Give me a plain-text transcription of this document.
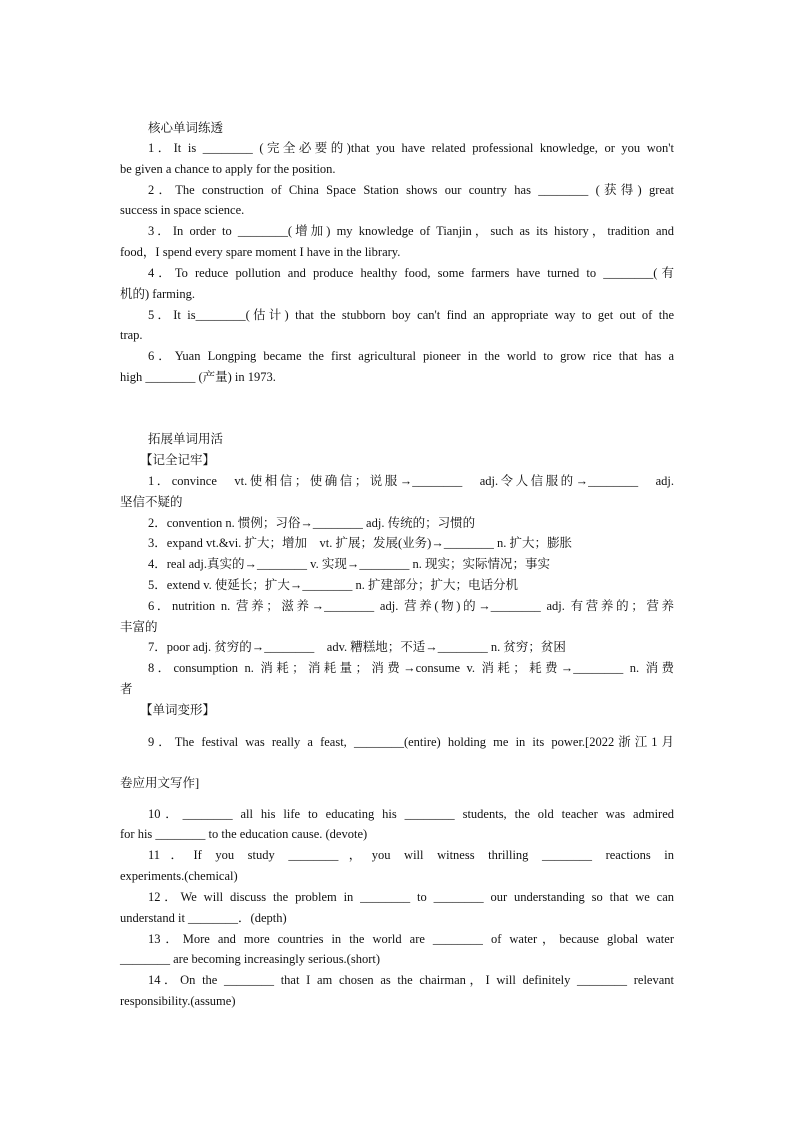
核心单词练透
1．It is ________ (完全必要的)that you have related professional knowledge, or you won't
be given a chance to apply for the position.
2．The construction of China Space Station shows our country has ________ (获得) great
success in space science.
3．In order to ________(增加) my knowledge of Tianjin，such as its history，tradition and
food，I spend every spare moment I have in the library.
4．To reduce pollution and produce healthy food, some farmers have turned to ________(有
机的) farming.
5．It is________(估计) that the stubborn boy can't find an appropriate way to get out of the
trap.
6．Yuan Longping became the first agricultural pioneer in the world to grow rice that has a
high ________ (产量) in 1973.
拓展单词用活
【记全记牢】
1．convince　vt.使相信；使确信；说服→________　adj.令人信服的→________　adj.
坚信不疑的
2．convention n. 惯例；习俗→________ adj. 传统的；习惯的
3．expand vt.&vi. 扩大；增加　vt. 扩展；发展(业务)→________ n. 扩大；膨胀
4．real adj.真实的→________ v. 实现→________ n. 现实；实际情况；事实
5．extend v. 使延长；扩大→________ n. 扩建部分；扩大；电话分机
6．nutrition n. 营养；滋养→________ adj. 营养(物)的→________ adj. 有营养的；营养
丰富的
7．poor adj. 贫穷的→________　adv. 糟糕地；不适→________ n. 贫穷；贫困
8．consumption n. 消耗；消耗量；消费→consume v. 消耗；耗费→________ n. 消费
者
【单词变形】
9．The festival was really a feast, ________(entire) holding me in its power.[2022浙江1月
卷应用文写作]
10．________ all his life to educating his ________ students, the old teacher was admired
for his ________ to the education cause. (devote)
11．If you study ________，you will witness thrilling ________ reactions in
experiments.(chemical)
12．We will discuss the problem in ________ to ________ our understanding so that we can
understand it ________．(depth)
13．More and more countries in the world are ________ of water，because global water
________ are becoming increasingly serious.(short)
14．On the ________ that I am chosen as the chairman，I will definitely ________ relevant
responsibility.(assume)
